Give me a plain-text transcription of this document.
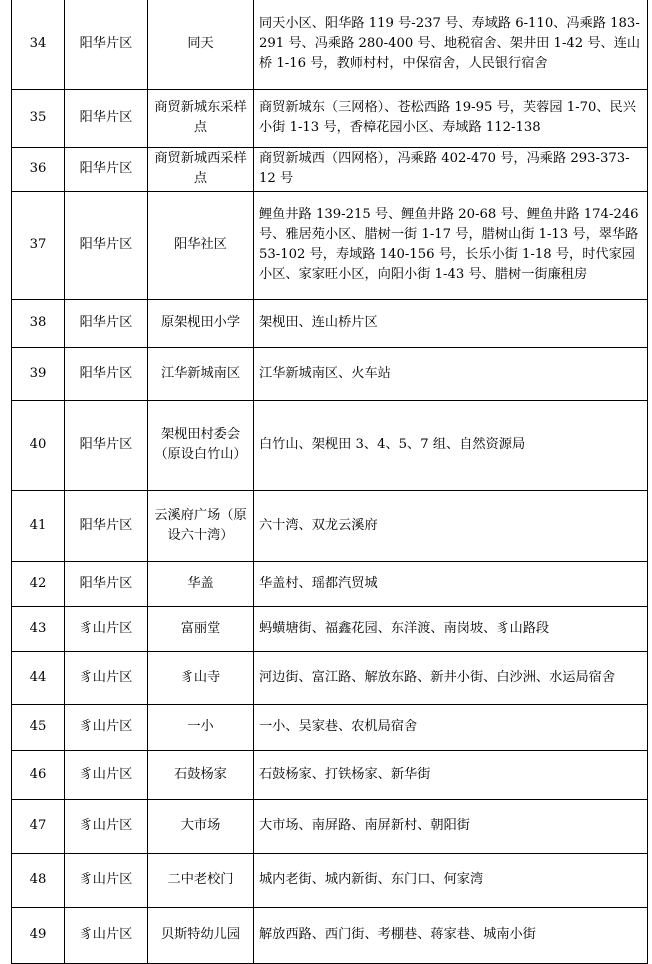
34	阳华片区	同天	同天小区、阳华路 119 号-237 号、寿域路 6-110、冯乘路 183-291 号、冯乘路 280-400 号、地税宿舍、架井田 1-42 号、连山桥 1-16 号，教师村村，中保宿舍，人民银行宿舍
35	阳华片区	商贸新城东采样点	商贸新城东（三网格）、苍松西路 19-95 号，芙蓉园 1-70、民兴小街 1-13 号，香樟花园小区、寿域路 112-138
36	阳华片区	商贸新城西采样点	商贸新城西（四网格），冯乘路 402-470 号，冯乘路 293-373-12 号
37	阳华片区	阳华社区	鲤鱼井路 139-215 号、鲤鱼井路 20-68 号、鲤鱼井路 174-246 号、雅居苑小区、腊树一街 1-17 号，腊树山街 1-13 号，翠华路 53-102 号，寿域路 140-156 号，长乐小街 1-18 号，时代家园小区、家家旺小区，向阳小街 1-43 号、腊树一街廉租房
38	阳华片区	原架枧田小学	架枧田、连山桥片区
39	阳华片区	江华新城南区	江华新城南区、火车站
40	阳华片区	架枧田村委会（原设白竹山）	白竹山、架枧田 3、4、5、7 组、自然资源局
41	阳华片区	云溪府广场（原设六十湾）	六十湾、双龙云溪府
42	阳华片区	华盖	华盖村、瑶都汽贸城
43	豸山片区	富丽堂	蚂蟥塘街、福鑫花园、东洋渡、南岗坡、豸山路段
44	豸山片区	豸山寺	河边街、富江路、解放东路、新井小街、白沙洲、水运局宿舍
45	豸山片区	一小	一小、吴家巷、农机局宿舍
46	豸山片区	石鼓杨家	石鼓杨家、打铁杨家、新华街
47	豸山片区	大市场	大市场、南屏路、南屏新村、朝阳街
48	豸山片区	二中老校门	城内老街、城内新街、东门口、何家湾
49	豸山片区	贝斯特幼儿园	解放西路、西门街、考棚巷、蒋家巷、城南小街
